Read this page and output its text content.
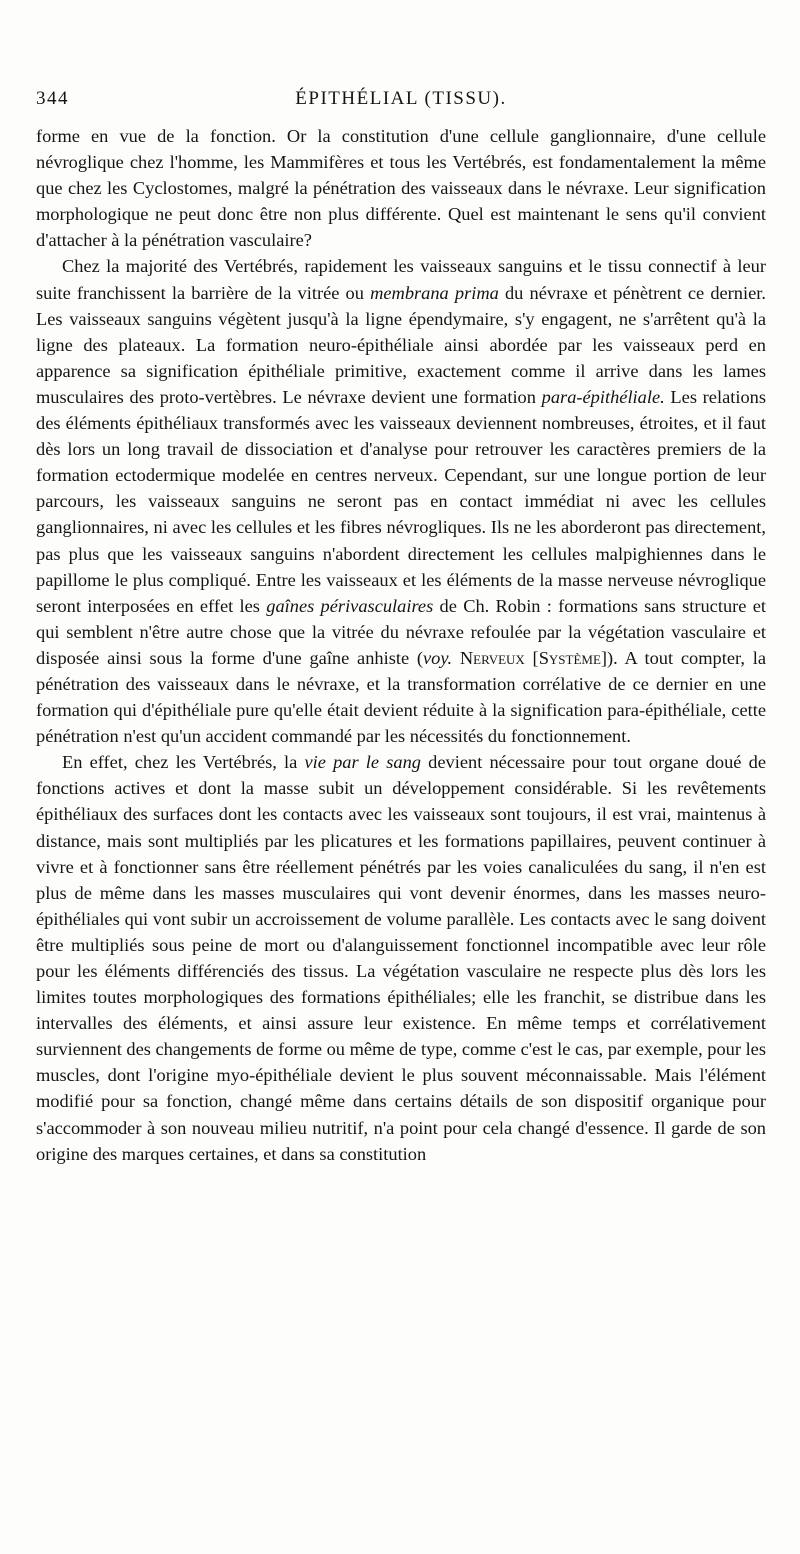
344	ÉPITHÉLIAL (TISSU).

forme en vue de la fonction. Or la constitution d'une cellule ganglionnaire, d'une cellule névroglique chez l'homme, les Mammifères et tous les Vertébrés, est fondamentalement la même que chez les Cyclostomes, malgré la pénétration des vaisseaux dans le névraxe. Leur signification morphologique ne peut donc être non plus différente. Quel est maintenant le sens qu'il convient d'attacher à la pénétration vasculaire?

Chez la majorité des Vertébrés, rapidement les vaisseaux sanguins et le tissu connectif à leur suite franchissent la barrière de la vitrée ou membrana prima du névraxe et pénètrent ce dernier. Les vaisseaux sanguins végètent jusqu'à la ligne épendymaire, s'y engagent, ne s'arrêtent qu'à la ligne des plateaux. La formation neuro-épithéliale ainsi abordée par les vaisseaux perd en apparence sa signification épithéliale primitive, exactement comme il arrive dans les lames musculaires des proto-vertèbres. Le névraxe devient une formation para-épithéliale. Les relations des éléments épithéliaux transformés avec les vaisseaux deviennent nombreuses, étroites, et il faut dès lors un long travail de dissociation et d'analyse pour retrouver les caractères premiers de la formation ectodermique modelée en centres nerveux. Cependant, sur une longue portion de leur parcours, les vaisseaux sanguins ne seront pas en contact immédiat ni avec les cellules ganglionnaires, ni avec les cellules et les fibres névrogliques. Ils ne les aborderont pas directement, pas plus que les vaisseaux sanguins n'abordent directement les cellules malpighiennes dans le papillome le plus compliqué. Entre les vaisseaux et les éléments de la masse nerveuse névroglique seront interposées en effet les gaînes périvasculaires de Ch. Robin : formations sans structure et qui semblent n'être autre chose que la vitrée du névraxe refoulée par la végétation vasculaire et disposée ainsi sous la forme d'une gaîne anhiste (voy. Nerveux [Système]). A tout compter, la pénétration des vaisseaux dans le névraxe, et la transformation corrélative de ce dernier en une formation qui d'épithéliale pure qu'elle était devient réduite à la signification para-épithéliale, cette pénétration n'est qu'un accident commandé par les nécessités du fonctionnement.

En effet, chez les Vertébrés, la vie par le sang devient nécessaire pour tout organe doué de fonctions actives et dont la masse subit un développement considérable. Si les revêtements épithéliaux des surfaces dont les contacts avec les vaisseaux sont toujours, il est vrai, maintenus à distance, mais sont multipliés par les plicatures et les formations papillaires, peuvent continuer à vivre et à fonctionner sans être réellement pénétrés par les voies canaliculées du sang, il n'en est plus de même dans les masses musculaires qui vont devenir énormes, dans les masses neuro-épithéliales qui vont subir un accroissement de volume parallèle. Les contacts avec le sang doivent être multipliés sous peine de mort ou d'alanguissement fonctionnel incompatible avec leur rôle pour les éléments différenciés des tissus. La végétation vasculaire ne respecte plus dès lors les limites toutes morphologiques des formations épithéliales; elle les franchit, se distribue dans les intervalles des éléments, et ainsi assure leur existence. En même temps et corrélativement surviennent des changements de forme ou même de type, comme c'est le cas, par exemple, pour les muscles, dont l'origine myo-épithéliale devient le plus souvent méconnaissable. Mais l'élément modifié pour sa fonction, changé même dans certains détails de son dispositif organique pour s'accommoder à son nouveau milieu nutritif, n'a point pour cela changé d'essence. Il garde de son origine des marques certaines, et dans sa constitution
